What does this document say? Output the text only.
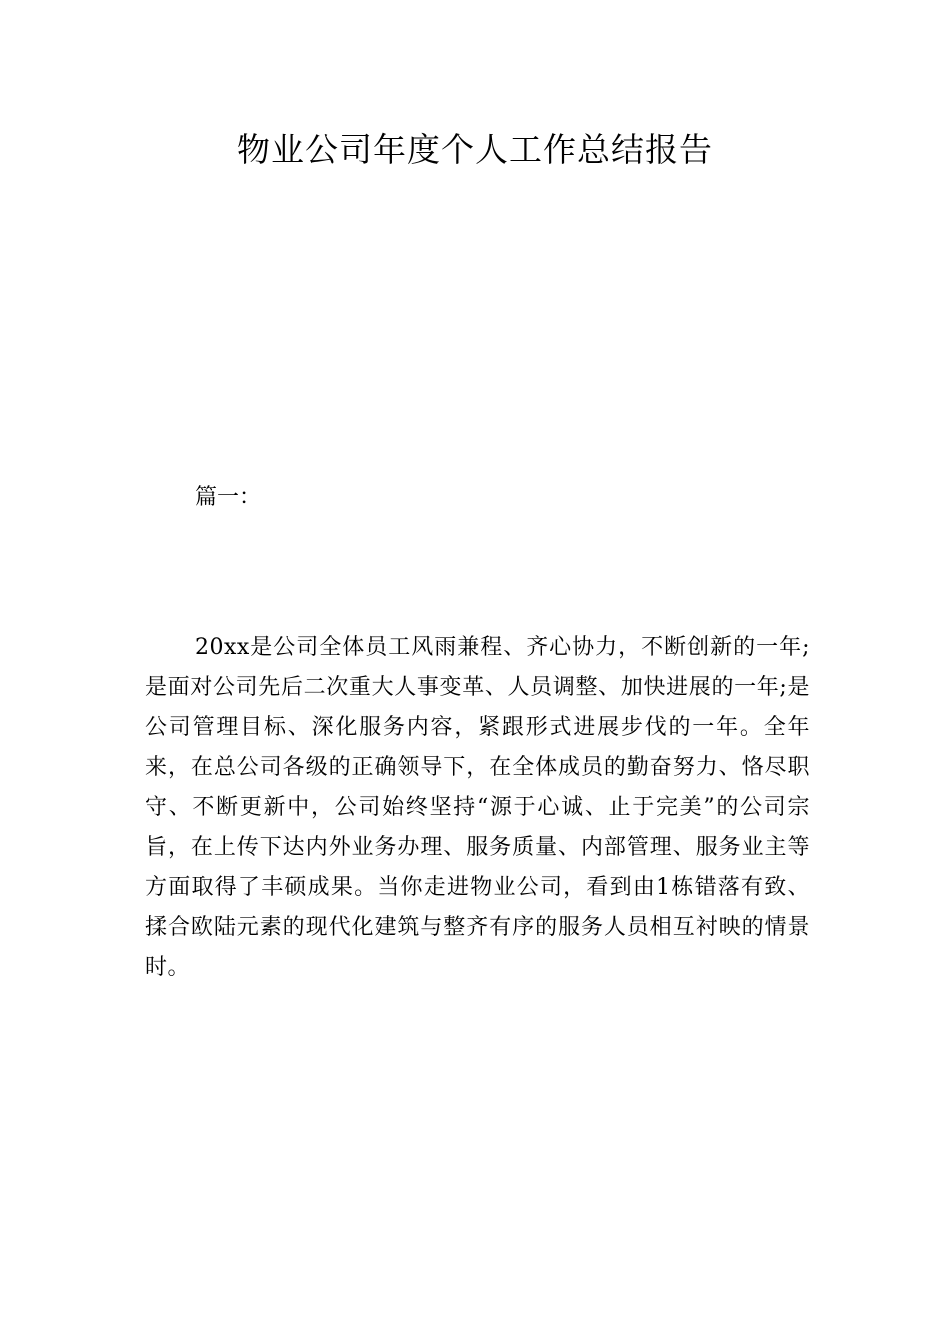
物业公司年度个人工作总结报告

篇一：

20xx是公司全体员工风雨兼程、齐心协力，不断创新的一年;是面对公司先后二次重大人事变革、人员调整、加快进展的一年;是公司管理目标、深化服务内容，紧跟形式进展步伐的一年。全年来，在总公司各级的正确领导下，在全体成员的勤奋努力、恪尽职守、不断更新中，公司始终坚持“源于心诚、止于完美”的公司宗旨，在上传下达内外业务办理、服务质量、内部管理、服务业主等方面取得了丰硕成果。当你走进物业公司，看到由1栋错落有致、揉合欧陆元素的现代化建筑与整齐有序的服务人员相互衬映的情景时。
